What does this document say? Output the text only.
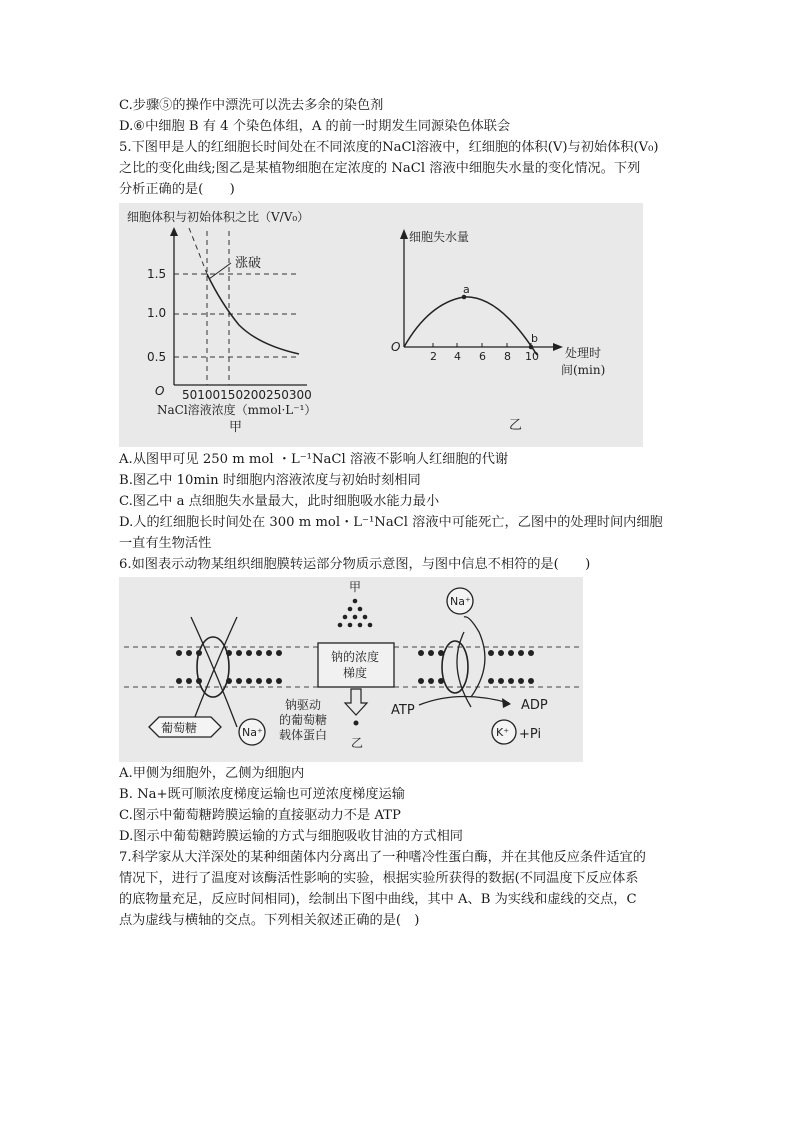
C.步骤⑤的操作中漂洗可以洗去多余的染色剂
D.⑥中细胞 B 有 4 个染色体组，A 的前一时期发生同源染色体联会
5.下图甲是人的红细胞长时间处在不同浓度的NaCl溶液中，红细胞的体积(V)与初始体积(V₀)
之比的变化曲线;图乙是某植物细胞在定浓度的 NaCl 溶液中细胞失水量的变化情况。下列
分析正确的是(　　)
细胞体积与初始体积之比（V/V₀）
O
1.5
1.0
0.5
涨破
50100150200250300
NaCl溶液浓度（mmol·L⁻¹）
甲
细胞失水量
O
2 4 6 8 10
a
b
处理时
间(min)
乙
A.从图甲可见 250 m mol ・L⁻¹NaCl 溶液不影响人红细胞的代谢
B.图乙中 10min 时细胞内溶液浓度与初始时刻相同
C.图乙中 a 点细胞失水量最大，此时细胞吸水能力最小
D.人的红细胞长时间处在 300 m mol・L⁻¹NaCl 溶液中可能死亡，乙图中的处理时间内细胞
一直有生物活性
6.如图表示动物某组织细胞膜转运部分物质示意图，与图中信息不相符的是(　　)
甲
钠的浓度
梯度
乙
葡萄糖	Na⁺
钠驱动
的葡萄糖
载体蛋白
Na⁺
ATP	ADP
K⁺ +Pi
A.甲侧为细胞外，乙侧为细胞内
B. Na+既可顺浓度梯度运输也可逆浓度梯度运输
C.图示中葡萄糖跨膜运输的直接驱动力不是 ATP
D.图示中葡萄糖跨膜运输的方式与细胞吸收甘油的方式相同
7.科学家从大洋深处的某种细菌体内分离出了一种嗜冷性蛋白酶，并在其他反应条件适宜的
情况下，进行了温度对该酶活性影响的实验，根据实验所获得的数据(不同温度下反应体系
的底物量充足，反应时间相同)，绘制出下图中曲线，其中 A、B 为实线和虚线的交点，C
点为虚线与横轴的交点。下列相关叙述正确的是(　)
